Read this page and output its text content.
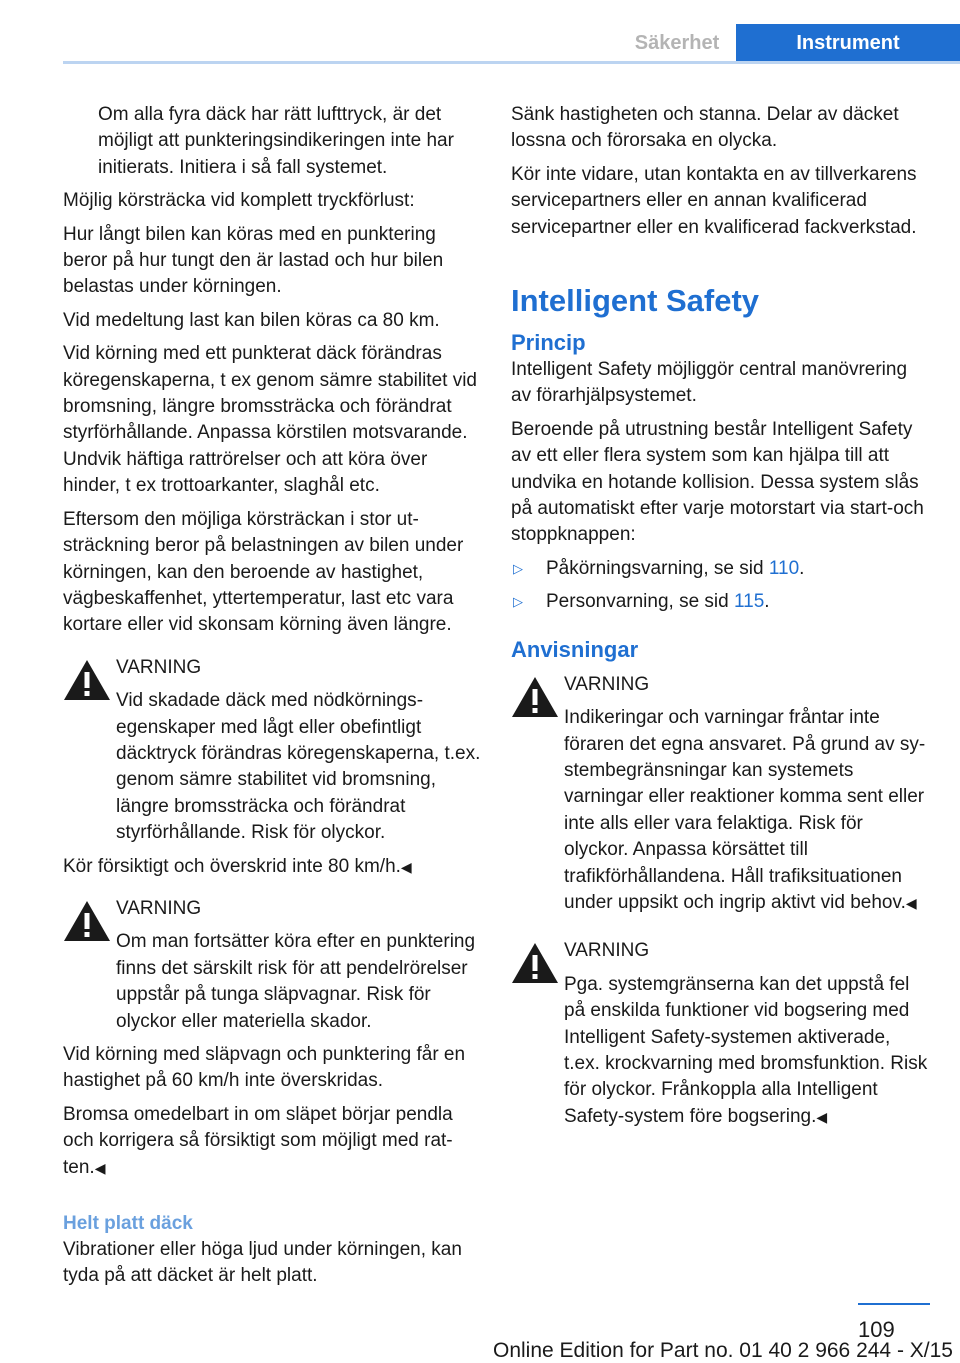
Säkerhet	Instrument

Om alla fyra däck har rätt lufttryck, är det möjligt att punkteringsindikeringen inte har initierats. Initiera i så fall systemet.

Möjlig körsträcka vid komplett tryckförlust:

Hur långt bilen kan köras med en punktering beror på hur tungt den är lastad och hur bilen belastas under körningen.

Vid medeltung last kan bilen köras ca 80 km.

Vid körning med ett punkterat däck förändras köregenskaperna, t ex genom sämre stabilitet vid bromsning, längre bromssträcka och förändrat styrförhållande. Anpassa körstilen motsvarande. Undvik häftiga rattrörelser och att köra över hinder, t ex trottoarkanter, slaghål etc.

Eftersom den möjliga körsträckan i stor utsträckning beror på belastningen av bilen under körningen, kan den beroende av hastighet, vägbeskaffenhet, yttertemperatur, last etc vara kortare eller vid skonsam körning även längre.

VARNING

Vid skadade däck med nödkörningsegenskaper med lågt eller obefintligt däcktryck förändras köregenskaperna, t.ex. genom sämre stabilitet vid bromsning, längre bromssträcka och förändrat styrförhållande. Risk för olyckor.

Kör försiktigt och överskrid inte 80 km/h.◀

VARNING

Om man fortsätter köra efter en punktering finns det särskilt risk för att pendelrörelser uppstår på tunga släpvagnar. Risk för olyckor eller materiella skador.

Vid körning med släpvagn och punktering får en hastighet på 60 km/h inte överskridas.

Bromsa omedelbart in om släpet börjar pendla och korrigera så försiktigt som möjligt med ratten.◀

Helt platt däck

Vibrationer eller höga ljud under körningen, kan tyda på att däcket är helt platt.

Sänk hastigheten och stanna. Delar av däcket lossna och förorsaka en olycka.

Kör inte vidare, utan kontakta en av tillverkarens servicepartners eller en annan kvalificerad servicepartner eller en kvalificerad fackverkstad.

Intelligent Safety
Princip

Intelligent Safety möjliggör central manövrering av förarhjälpsystemet.

Beroende på utrustning består Intelligent Safety av ett eller flera system som kan hjälpa till att undvika en hotande kollision. Dessa system slås på automatiskt efter varje motorstart via start-och stoppknappen:

▷ Påkörningsvarning, se sid 110.

▷ Personvarning, se sid 115.

Anvisningar
VARNING

Indikeringar och varningar fråntar inte föraren det egna ansvaret. På grund av systembegränsningar kan systemets varningar eller reaktioner komma sent eller inte alls eller vara felaktiga. Risk för olyckor. Anpassa körsättet till trafikförhållandena. Håll trafiksituationen under uppsikt och ingrip aktivt vid behov.◀

VARNING

Pga. systemgränserna kan det uppstå fel på enskilda funktioner vid bogsering med Intelligent Safety-systemen aktiverade, t.ex. krockvarning med bromsfunktion. Risk för olyckor. Frånkoppla alla Intelligent Safety-system före bogsering.◀

109
Online Edition for Part no. 01 40 2 966 244 - X/15
